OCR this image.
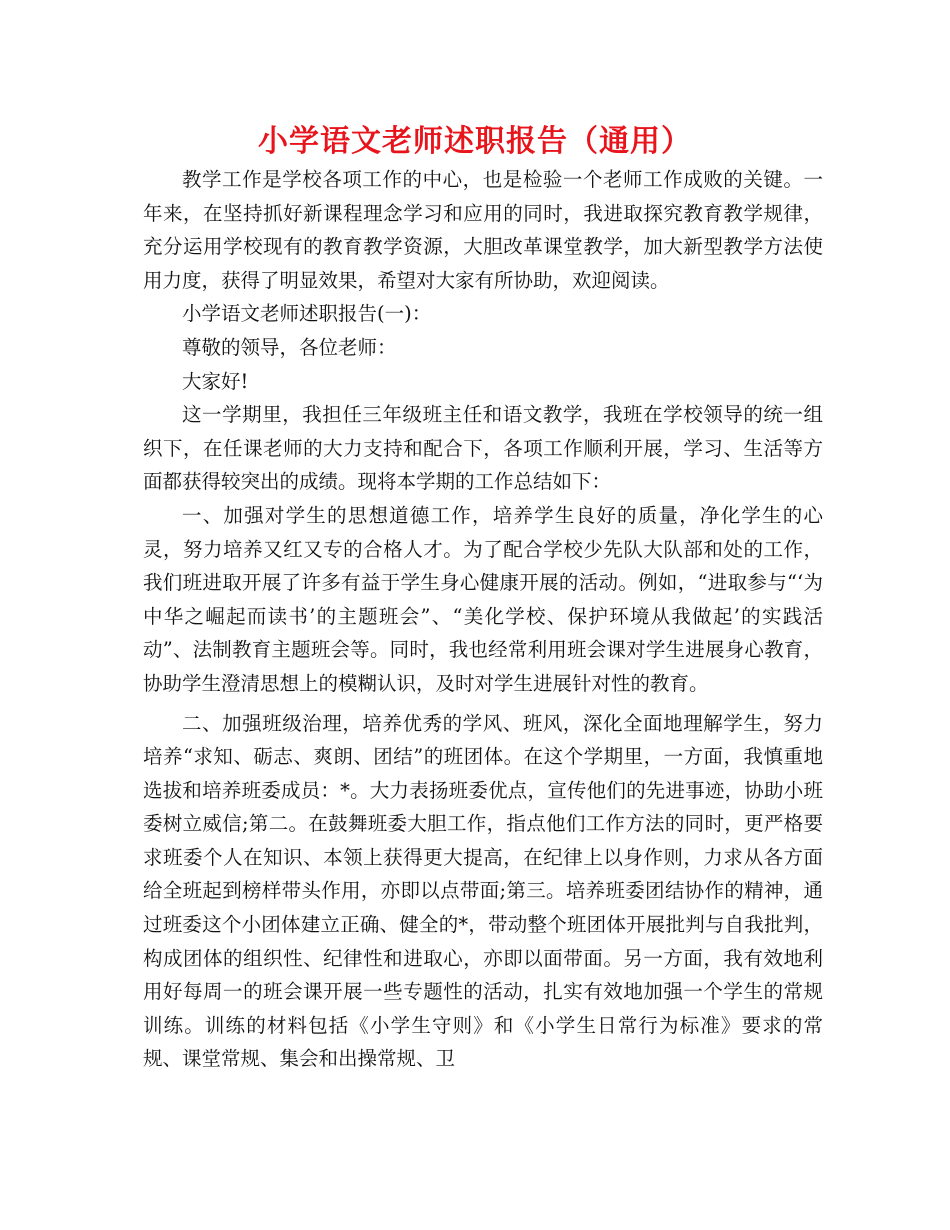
小学语文老师述职报告（通用）

教学工作是学校各项工作的中心，也是检验一个老师工作成败的关键。一年来，在坚持抓好新课程理念学习和应用的同时，我进取探究教育教学规律，充分运用学校现有的教育教学资源，大胆改革课堂教学，加大新型教学方法使用力度，获得了明显效果，希望对大家有所协助，欢迎阅读。

小学语文老师述职报告(一)：

尊敬的领导，各位老师：

大家好!

这一学期里，我担任三年级班主任和语文教学，我班在学校领导的统一组织下，在任课老师的大力支持和配合下，各项工作顺利开展，学习、生活等方面都获得较突出的成绩。现将本学期的工作总结如下：

一、加强对学生的思想道德工作，培养学生良好的质量，净化学生的心灵，努力培养又红又专的合格人才。为了配合学校少先队大队部和处的工作，我们班进取开展了许多有益于学生身心健康开展的活动。例如，“进取参与“‘为中华之崛起而读书’的主题班会”、“美化学校、保护环境从我做起’的实践活动”、法制教育主题班会等。同时，我也经常利用班会课对学生进展身心教育，协助学生澄清思想上的模糊认识，及时对学生进展针对性的教育。

二、加强班级治理，培养优秀的学风、班风，深化全面地理解学生，努力培养“求知、砺志、爽朗、团结”的班团体。在这个学期里，一方面，我慎重地选拔和培养班委成员：*。大力表扬班委优点，宣传他们的先进事迹，协助小班委树立威信;第二。在鼓舞班委大胆工作，指点他们工作方法的同时，更严格要求班委个人在知识、本领上获得更大提高，在纪律上以身作则，力求从各方面给全班起到榜样带头作用，亦即以点带面;第三。培养班委团结协作的精神，通过班委这个小团体建立正确、健全的*，带动整个班团体开展批判与自我批判，构成团体的组织性、纪律性和进取心，亦即以面带面。另一方面，我有效地利用好每周一的班会课开展一些专题性的活动，扎实有效地加强一个学生的常规训练。训练的材料包括《小学生守则》和《小学生日常行为标准》要求的常规、课堂常规、集会和出操常规、卫
